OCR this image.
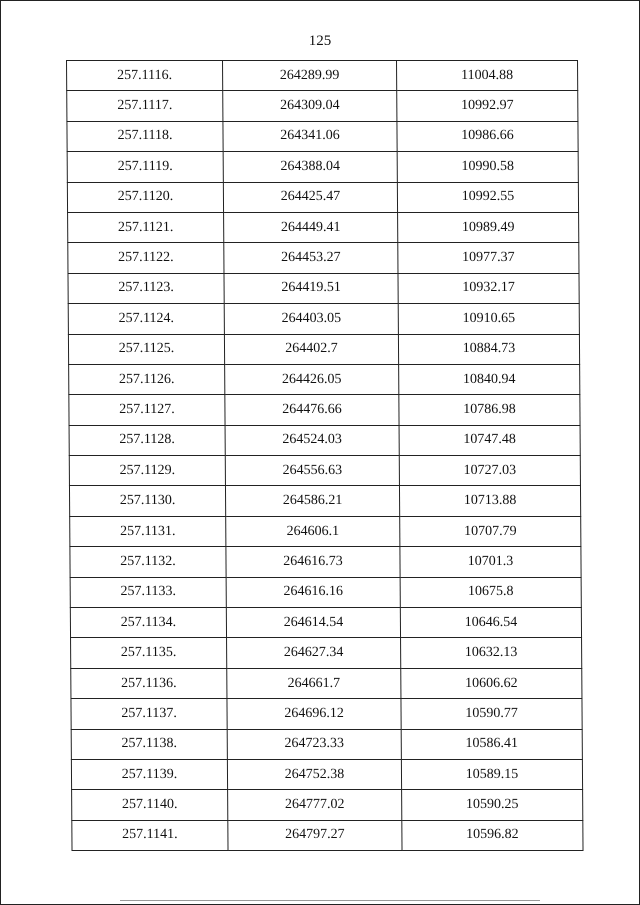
125
257.1116.	264289.99	11004.88
257.1117.	264309.04	10992.97
257.1118.	264341.06	10986.66
257.1119.	264388.04	10990.58
257.1120.	264425.47	10992.55
257.1121.	264449.41	10989.49
257.1122.	264453.27	10977.37
257.1123.	264419.51	10932.17
257.1124.	264403.05	10910.65
257.1125.	264402.7	10884.73
257.1126.	264426.05	10840.94
257.1127.	264476.66	10786.98
257.1128.	264524.03	10747.48
257.1129.	264556.63	10727.03
257.1130.	264586.21	10713.88
257.1131.	264606.1	10707.79
257.1132.	264616.73	10701.3
257.1133.	264616.16	10675.8
257.1134.	264614.54	10646.54
257.1135.	264627.34	10632.13
257.1136.	264661.7	10606.62
257.1137.	264696.12	10590.77
257.1138.	264723.33	10586.41
257.1139.	264752.38	10589.15
257.1140.	264777.02	10590.25
257.1141.	264797.27	10596.82
